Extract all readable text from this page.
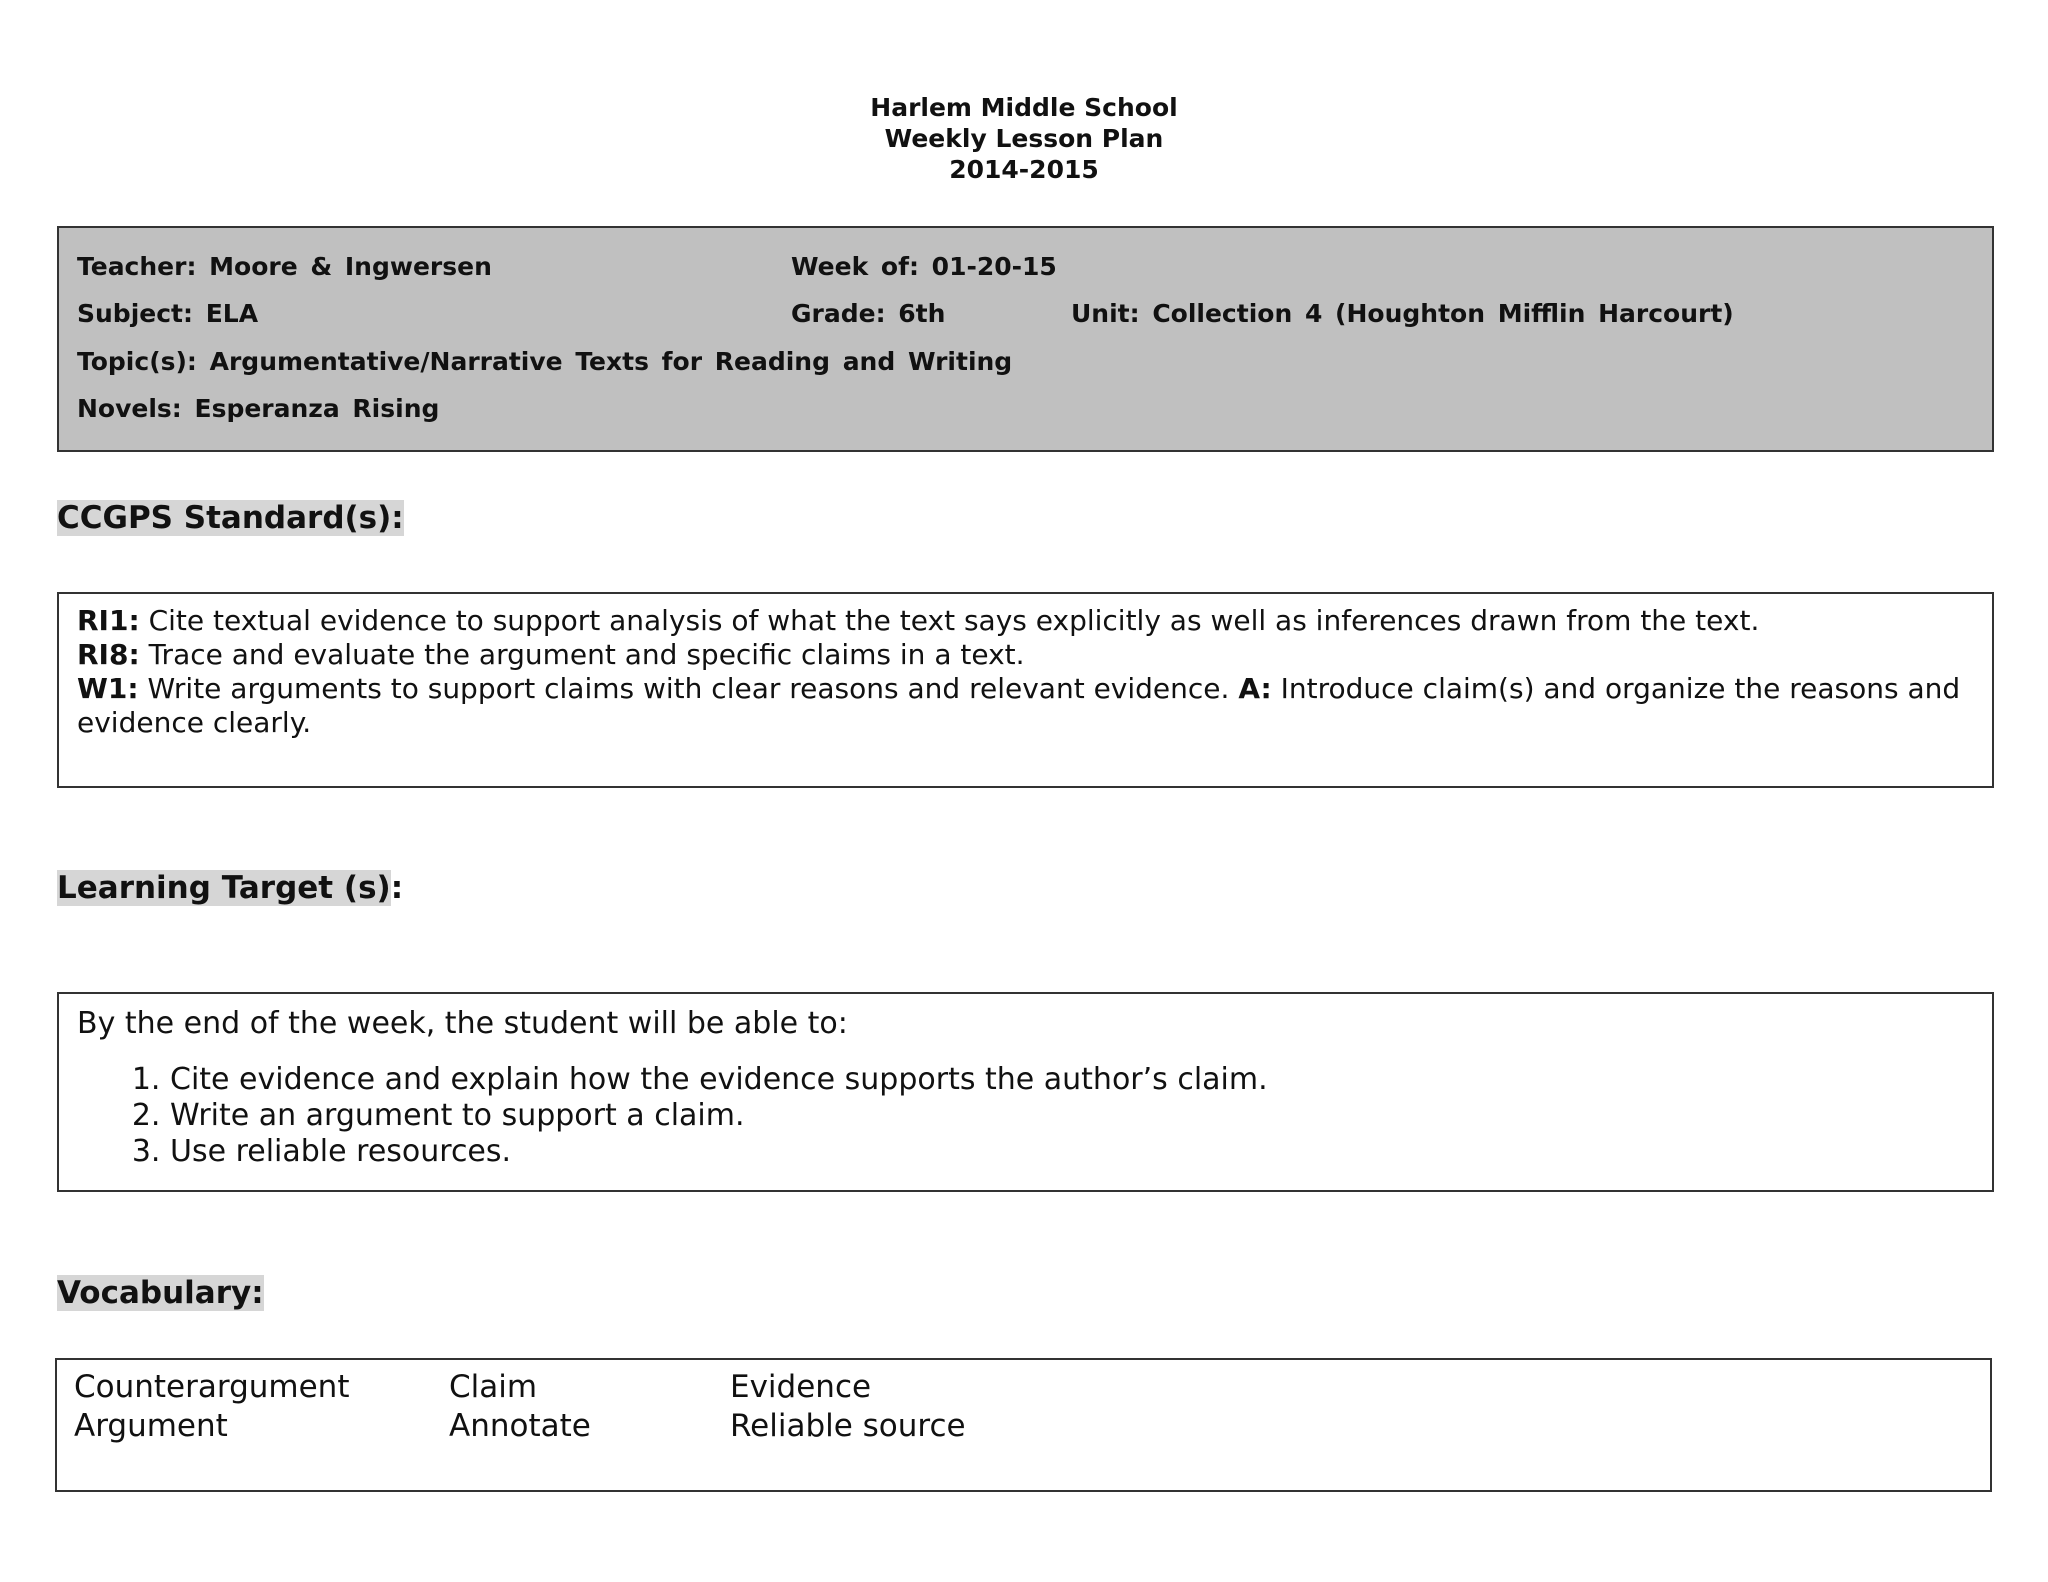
Harlem Middle School
Weekly Lesson Plan
2014-2015
Teacher: Moore & Ingwersen	Week of: 01-20-15
Subject: ELA	Grade: 6th	Unit: Collection 4 (Houghton Mifflin Harcourt)
Topic(s): Argumentative/Narrative Texts for Reading and Writing
Novels: Esperanza Rising
CCGPS Standard(s):

RI1: Cite textual evidence to support analysis of what the text says explicitly as well as inferences drawn from the text.

RI8: Trace and evaluate the argument and specific claims in a text.

W1: Write arguments to support claims with clear reasons and relevant evidence. A: Introduce claim(s) and organize the reasons and evidence clearly.

Learning Target (s):

By the end of the week, the student will be able to:

1. Cite evidence and explain how the evidence supports the author’s claim.
2. Write an argument to support a claim.
3. Use reliable resources.
Vocabulary:
Counterargument	Claim	Evidence
Argument	Annotate	Reliable source
